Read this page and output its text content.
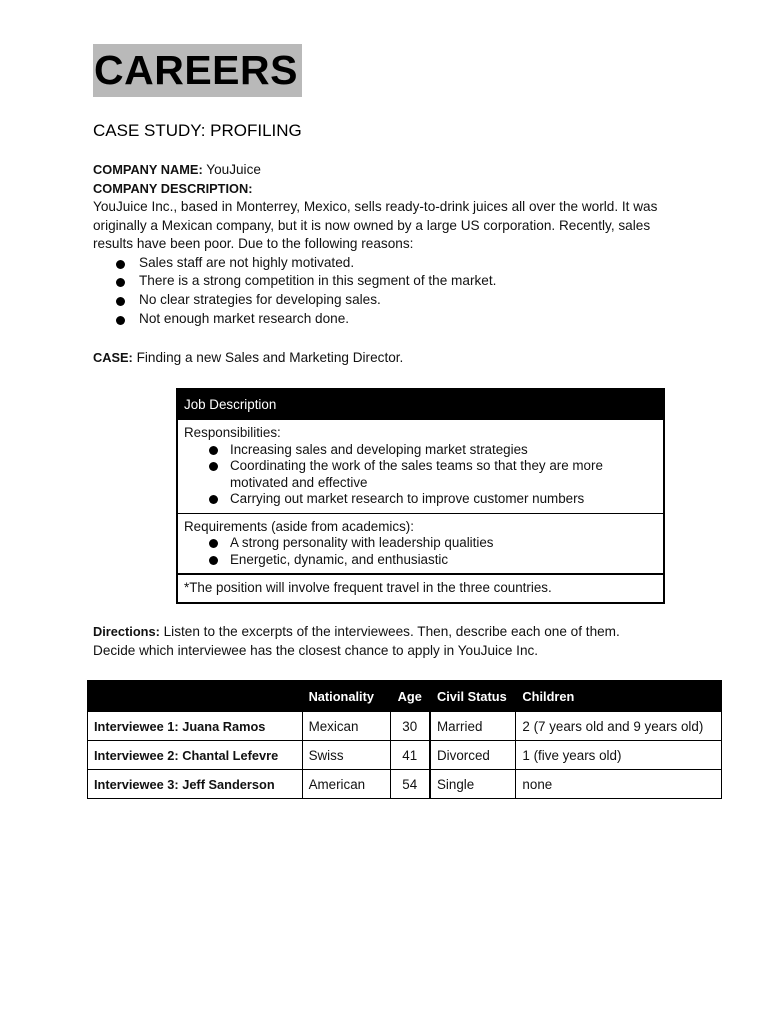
CAREERS
CASE STUDY: PROFILING
COMPANY NAME: YouJuice
COMPANY DESCRIPTION:
YouJuice Inc., based in Monterrey, Mexico, sells ready-to-drink juices all over the world. It was originally a Mexican company, but it is now owned by a large US corporation. Recently, sales results have been poor. Due to the following reasons:
Sales staff are not highly motivated.
There is a strong competition in this segment of the market.
No clear strategies for developing sales.
Not enough market research done.
CASE: Finding a new Sales and Marketing Director.
Job Description
Responsibilities:
Increasing sales and developing market strategies
Coordinating the work of the sales teams so that they are more motivated and effective
Carrying out market research to improve customer numbers
Requirements (aside from academics):
A strong personality with leadership qualities
Energetic, dynamic, and enthusiastic
*The position will involve frequent travel in the three countries.
Directions: Listen to the excerpts of the interviewees. Then, describe each one of them.
Decide which interviewee has the closest chance to apply in YouJuice Inc.
	Nationality	Age	Civil Status	Children
Interviewee 1: Juana Ramos	Mexican	30	Married	2 (7 years old and 9 years old)
Interviewee 2: Chantal Lefevre	Swiss	41	Divorced	1 (five years old)
Interviewee 3: Jeff Sanderson	American	54	Single	none
